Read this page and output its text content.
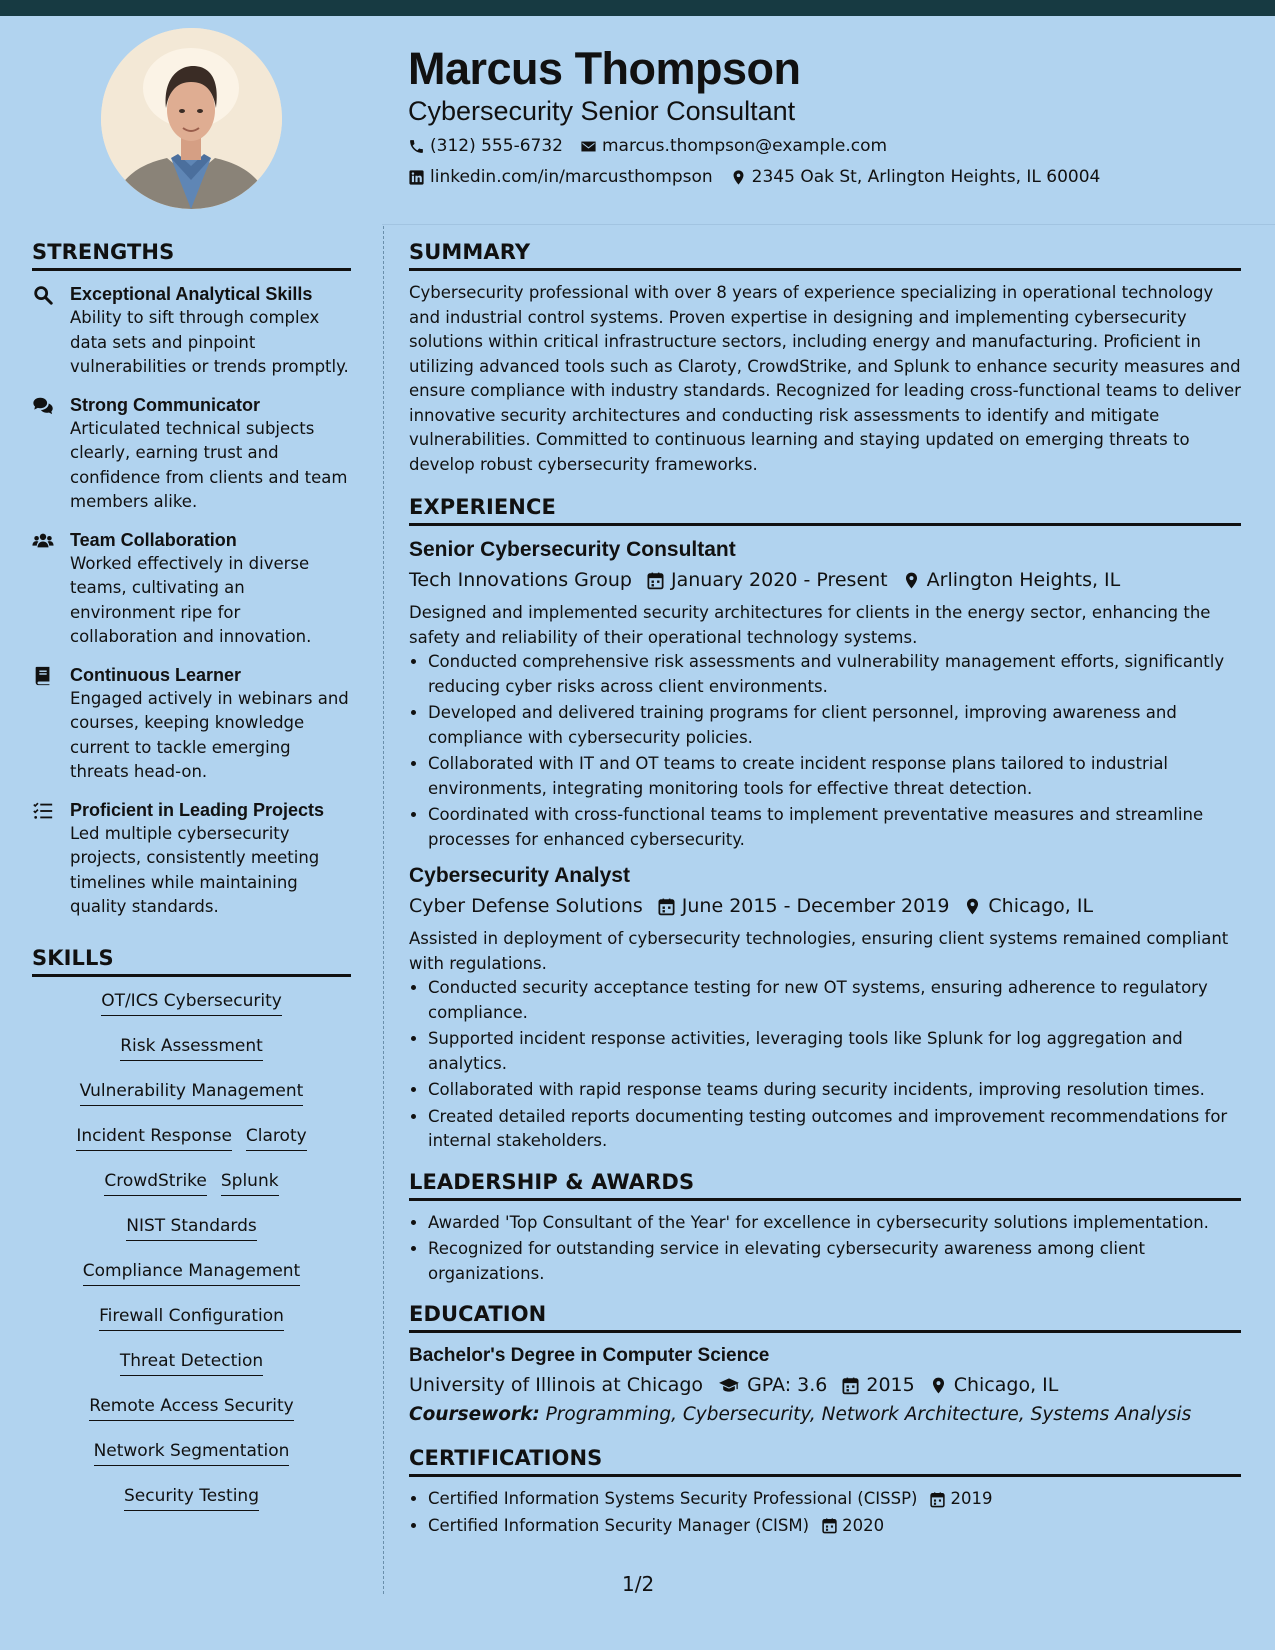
Marcus Thompson
Cybersecurity Senior Consultant
(312) 555-6732 marcus.thompson@example.com
linkedin.com/in/marcusthompson 2345 Oak St, Arlington Heights, IL 60004
STRENGTHS
Exceptional Analytical Skills
Ability to sift through complex data sets and pinpoint vulnerabilities or trends promptly.
Strong Communicator
Articulated technical subjects clearly, earning trust and confidence from clients and team members alike.
Team Collaboration
Worked effectively in diverse teams, cultivating an environment ripe for collaboration and innovation.
Continuous Learner
Engaged actively in webinars and courses, keeping knowledge current to tackle emerging threats head-on.
Proficient in Leading Projects
Led multiple cybersecurity projects, consistently meeting timelines while maintaining quality standards.
SKILLS
OT/ICS Cybersecurity
Risk Assessment
Vulnerability Management
Incident Response Claroty
CrowdStrike Splunk
NIST Standards
Compliance Management
Firewall Configuration
Threat Detection
Remote Access Security
Network Segmentation
Security Testing
SUMMARY

Cybersecurity professional with over 8 years of experience specializing in operational technology and industrial control systems. Proven expertise in designing and implementing cybersecurity solutions within critical infrastructure sectors, including energy and manufacturing. Proficient in utilizing advanced tools such as Claroty, CrowdStrike, and Splunk to enhance security measures and ensure compliance with industry standards. Recognized for leading cross-functional teams to deliver innovative security architectures and conducting risk assessments to identify and mitigate vulnerabilities. Committed to continuous learning and staying updated on emerging threats to develop robust cybersecurity frameworks.

EXPERIENCE
Senior Cybersecurity Consultant
Tech Innovations Group January 2020 - Present Arlington Heights, IL

Designed and implemented security architectures for clients in the energy sector, enhancing the safety and reliability of their operational technology systems.

• Conducted comprehensive risk assessments and vulnerability management efforts, significantly reducing cyber risks across client environments.
• Developed and delivered training programs for client personnel, improving awareness and compliance with cybersecurity policies.
• Collaborated with IT and OT teams to create incident response plans tailored to industrial environments, integrating monitoring tools for effective threat detection.
• Coordinated with cross-functional teams to implement preventative measures and streamline processes for enhanced cybersecurity.
Cybersecurity Analyst
Cyber Defense Solutions June 2015 - December 2019 Chicago, IL

Assisted in deployment of cybersecurity technologies, ensuring client systems remained compliant with regulations.

• Conducted security acceptance testing for new OT systems, ensuring adherence to regulatory compliance.
• Supported incident response activities, leveraging tools like Splunk for log aggregation and analytics.
• Collaborated with rapid response teams during security incidents, improving resolution times.
• Created detailed reports documenting testing outcomes and improvement recommendations for internal stakeholders.
LEADERSHIP & AWARDS
• Awarded 'Top Consultant of the Year' for excellence in cybersecurity solutions implementation.
• Recognized for outstanding service in elevating cybersecurity awareness among client organizations.
EDUCATION
Bachelor's Degree in Computer Science
University of Illinois at Chicago GPA: 3.6 2015 Chicago, IL
Coursework: Programming, Cybersecurity, Network Architecture, Systems Analysis
CERTIFICATIONS
• Certified Information Systems Security Professional (CISSP) 2019
• Certified Information Security Manager (CISM) 2020
1/2
